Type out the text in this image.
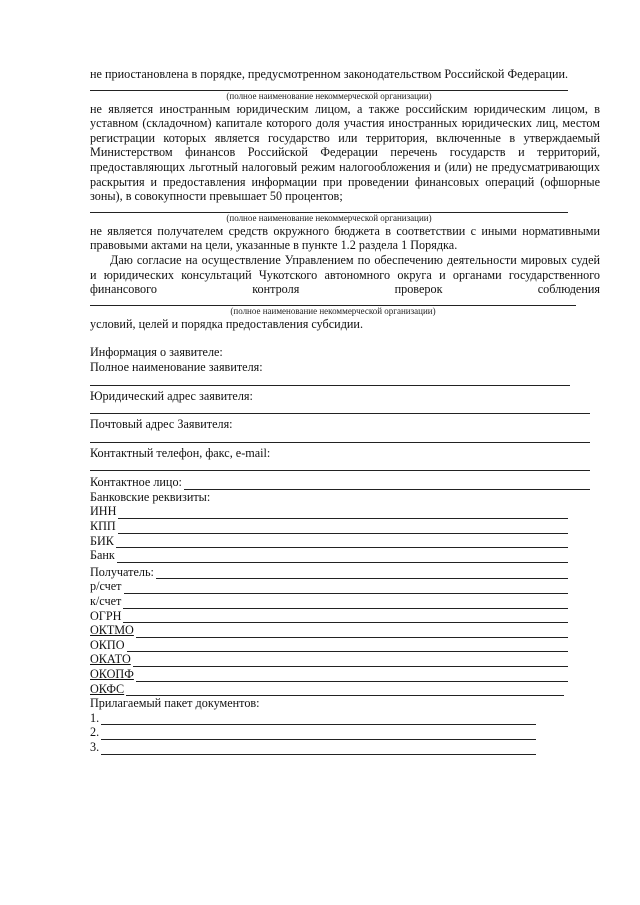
не приостановлена в порядке, предусмотренном законодательством Российской Федерации.

(полное наименование некоммерческой организации)

не является иностранным юридическим лицом, а также российским юридическим лицом, в уставном (складочном) капитале которого доля участия иностранных юридических лиц, местом регистрации которых является государство или территория, включенные в утверждаемый Министерством финансов Российской Федерации перечень государств и территорий, предоставляющих льготный налоговый режим налогообложения и (или) не предусматривающих раскрытия и предоставления информации при проведении финансовых операций (офшорные зоны), в совокупности превышает 50 процентов;

(полное наименование некоммерческой организации)

не является получателем средств окружного бюджета в соответствии с иными нормативными правовыми актами на цели, указанные в пункте 1.2 раздела 1 Порядка.

Даю согласие на осуществление Управлением по обеспечению деятельности мировых судей и юридических консультаций Чукотского автономного округа и органами государственного финансового контроля проверок соблюдения

(полное наименование некоммерческой организации)

условий, целей и порядка предоставления субсидии.

Информация о заявителе:
Полное наименование заявителя:
Юридический адрес заявителя:
Почтовый адрес Заявителя:
Контактный телефон, факс, e-mail:
Контактное лицо:
Банковские реквизиты:
ИНН
КПП
БИК
Банк
Получатель:
р/счет
к/счет
ОГРН
ОКТМО
ОКПО
ОКАТО
ОКОПФ
ОКФС
Прилагаемый пакет документов:
1.
2.
3.
